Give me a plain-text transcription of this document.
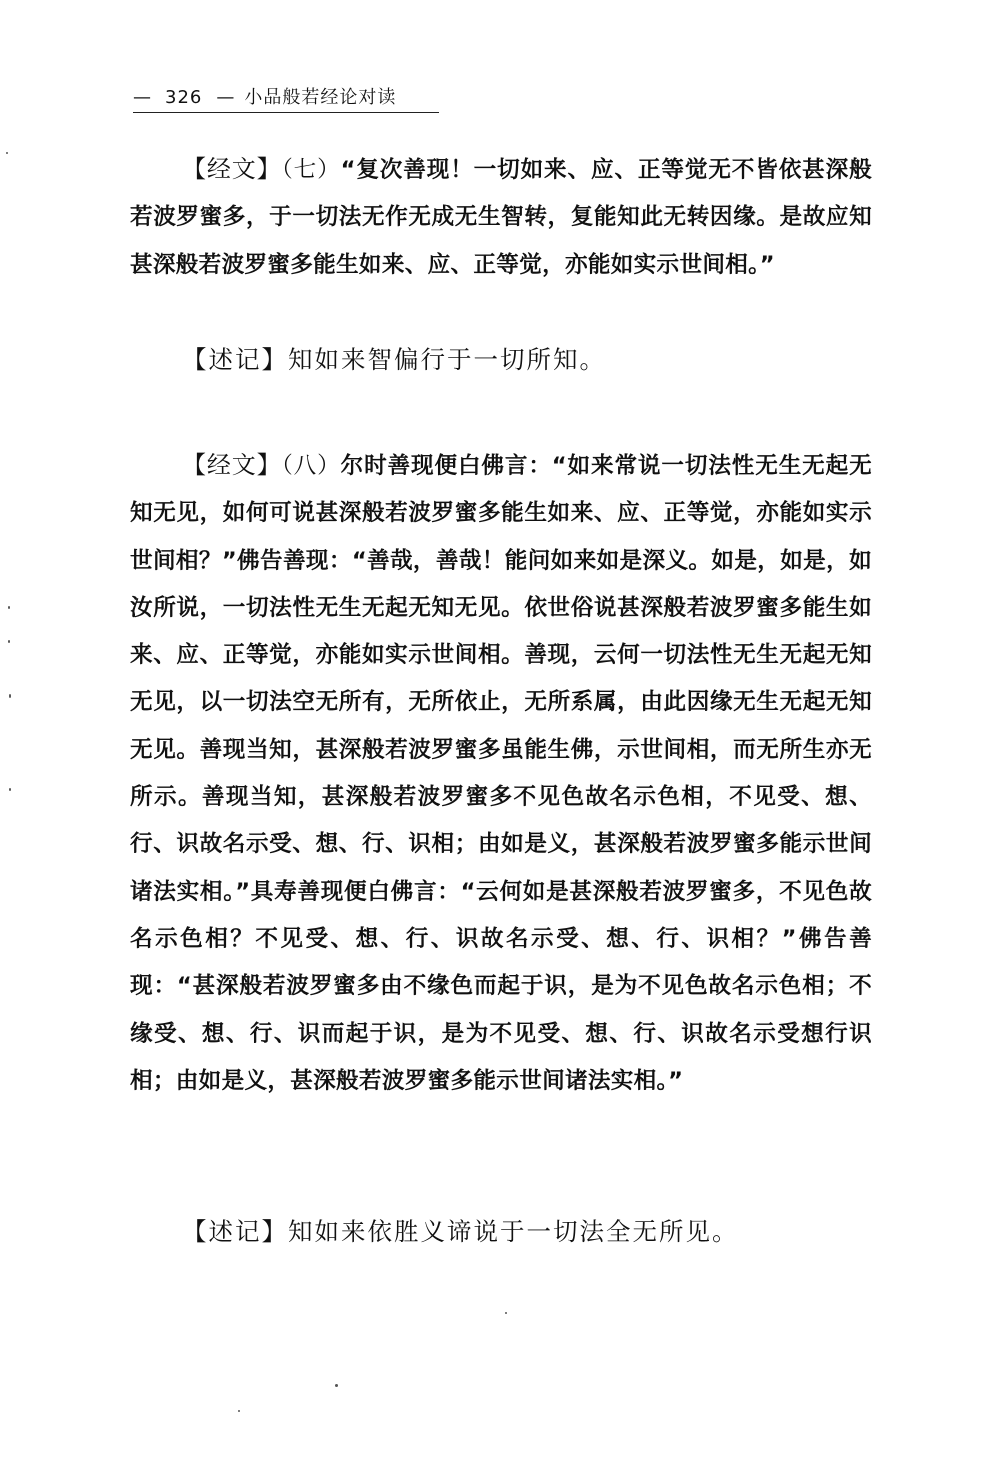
— 326 — 小品般若经论对读

【经文】（七）“复次善现！一切如来、应、正等觉无不皆依甚深般若波罗蜜多，于一切法无作无成无生智转，复能知此无转因缘。是故应知甚深般若波罗蜜多能生如来、应、正等觉，亦能如实示世间相。”

【述记】知如来智偏行于一切所知。

【经文】（八）尔时善现便白佛言：“如来常说一切法性无生无起无知无见，如何可说甚深般若波罗蜜多能生如来、应、正等觉，亦能如实示世间相？”佛告善现：“善哉，善哉！能问如来如是深义。如是，如是，如汝所说，一切法性无生无起无知无见。依世俗说甚深般若波罗蜜多能生如来、应、正等觉，亦能如实示世间相。善现，云何一切法性无生无起无知无见，以一切法空无所有，无所依止，无所系属，由此因缘无生无起无知无见。善现当知，甚深般若波罗蜜多虽能生佛，示世间相，而无所生亦无所示。善现当知，甚深般若波罗蜜多不见色故名示色相，不见受、想、行、识故名示受、想、行、识相；由如是义，甚深般若波罗蜜多能示世间诸法实相。”具寿善现便白佛言：“云何如是甚深般若波罗蜜多，不见色故名示色相？不见受、想、行、识故名示受、想、行、识相？”佛告善现：“甚深般若波罗蜜多由不缘色而起于识，是为不见色故名示色相；不缘受、想、行、识而起于识，是为不见受、想、行、识故名示受想行识相；由如是义，甚深般若波罗蜜多能示世间诸法实相。”

【述记】知如来依胜义谛说于一切法全无所见。
